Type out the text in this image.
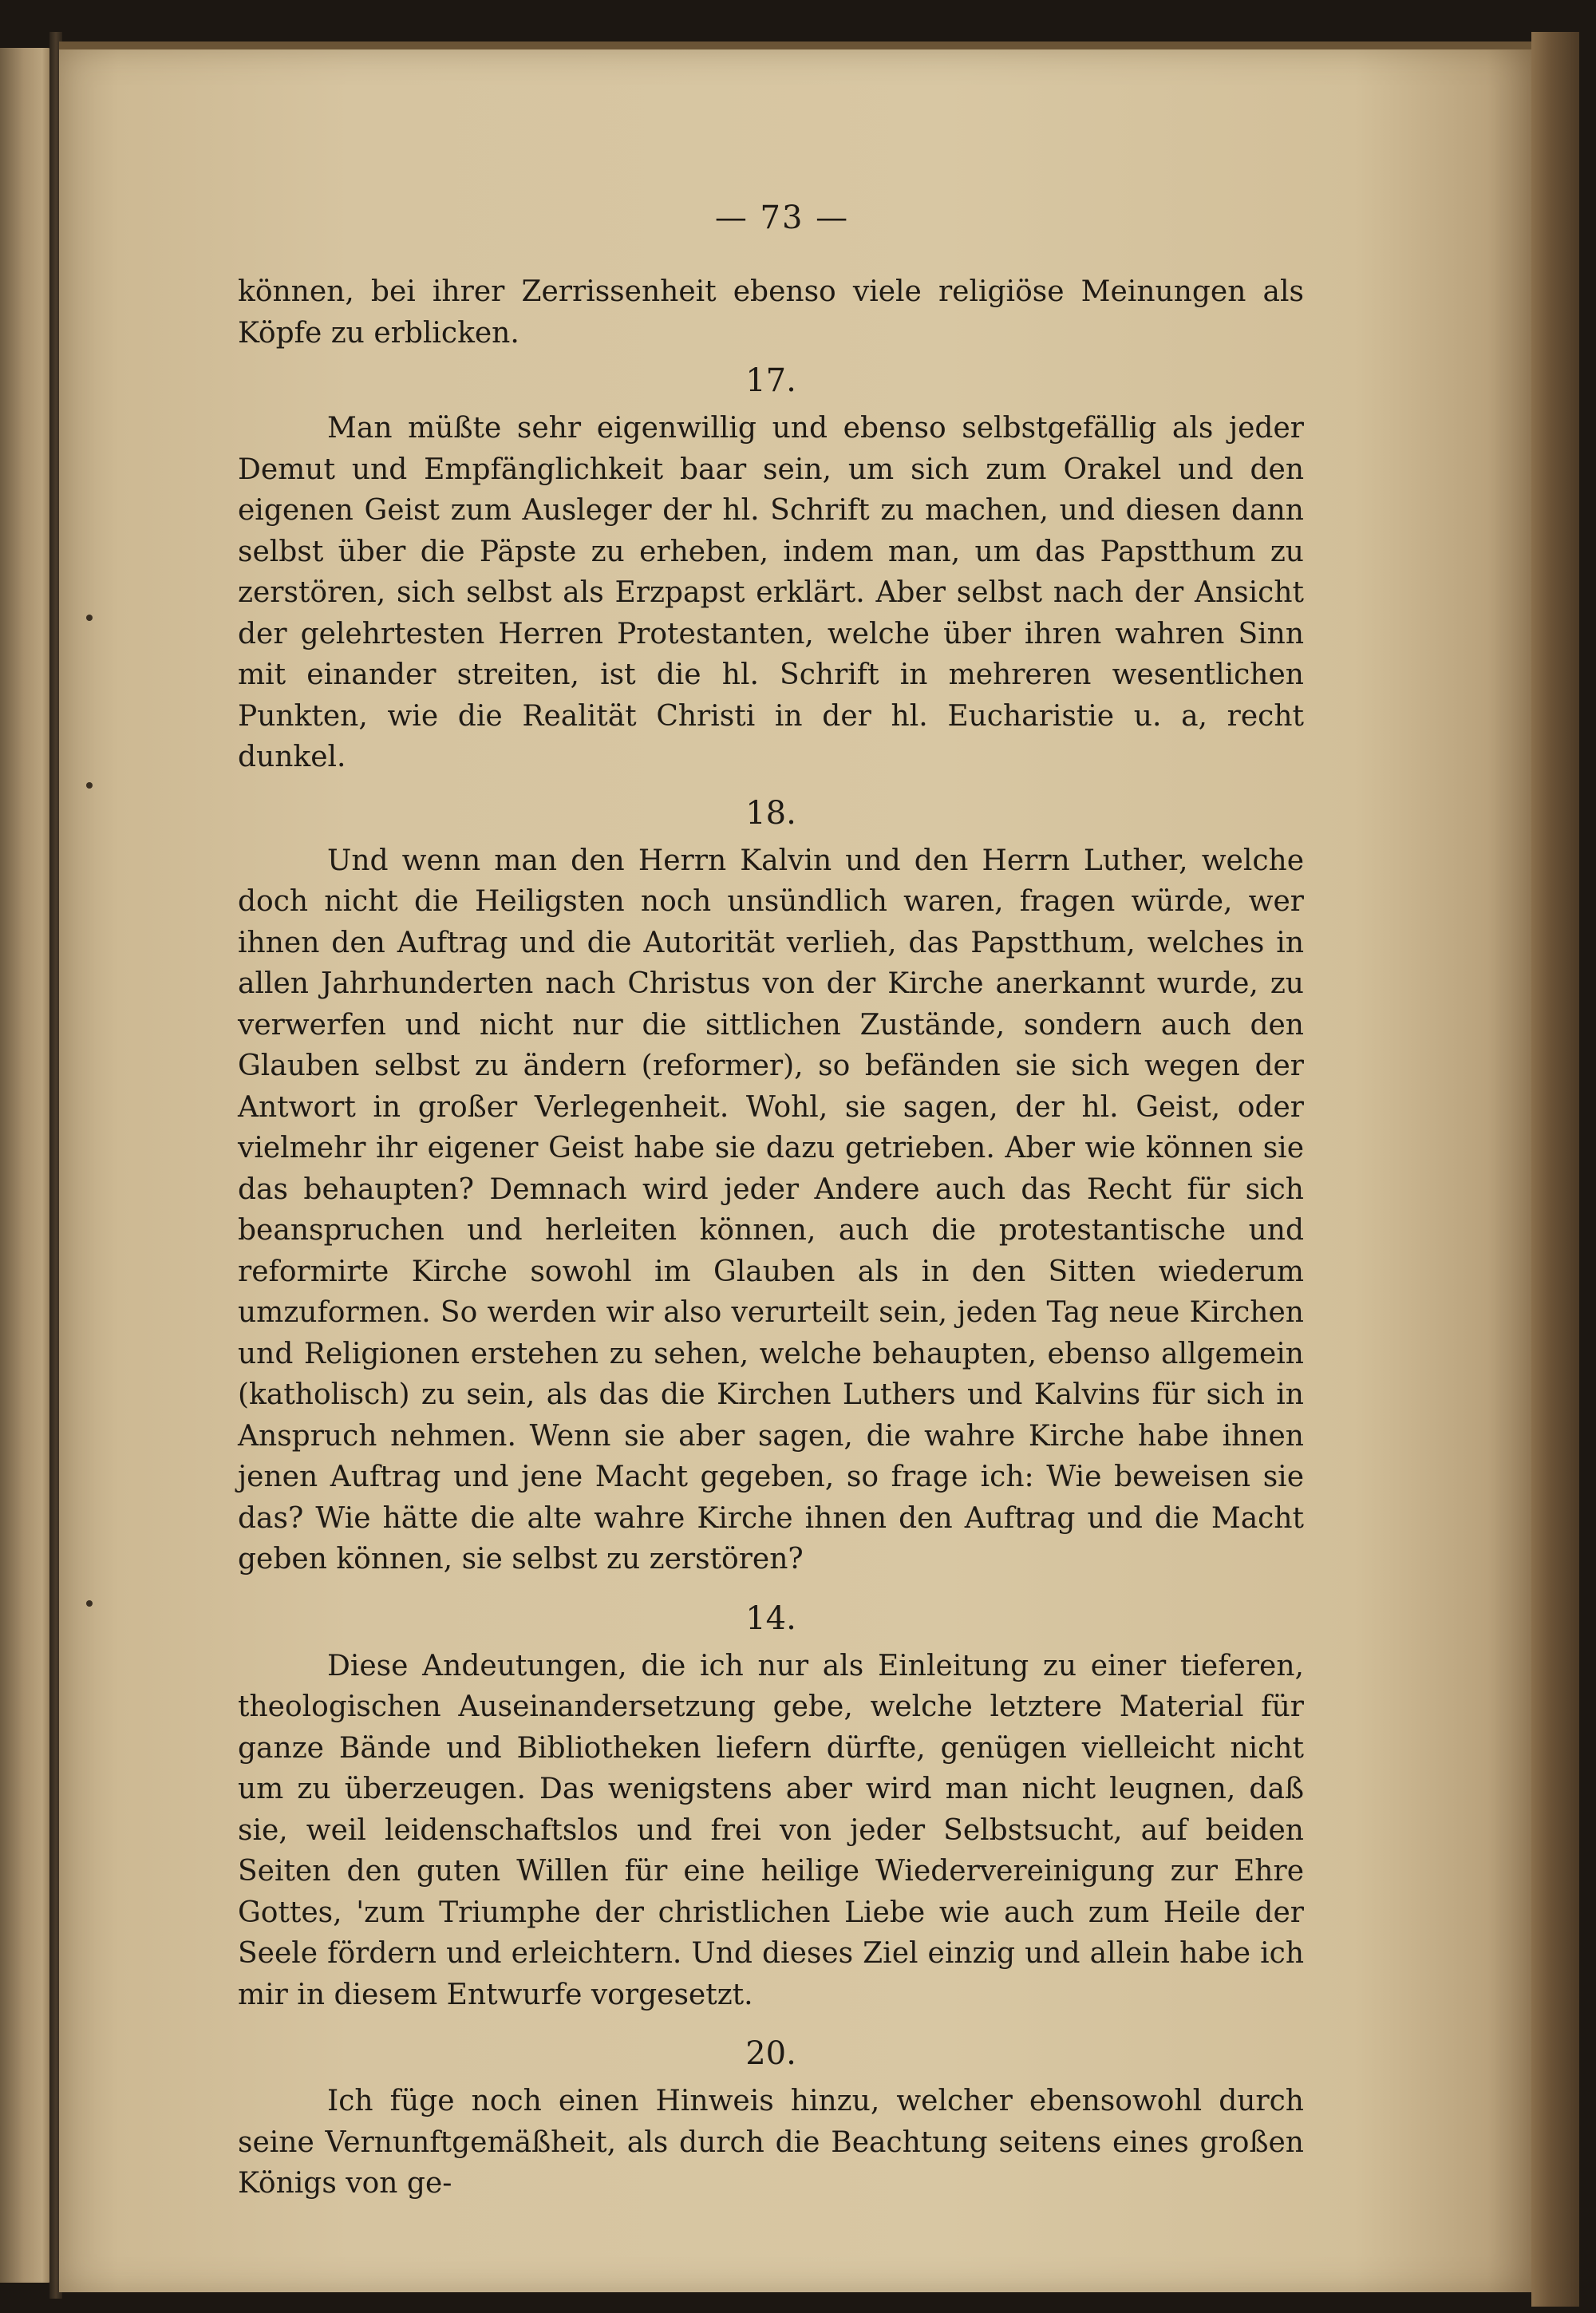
— 73 —

können, bei ihrer Zerrissenheit ebenso viele religiöse Meinungen als Köpfe zu erblicken.

17.

Man müßte sehr eigenwillig und ebenso selbstgefällig als jeder Demut und Empfänglichkeit baar sein, um sich zum Orakel und den eigenen Geist zum Ausleger der hl. Schrift zu machen, und diesen dann selbst über die Päpste zu erheben, indem man, um das Papstthum zu zerstören, sich selbst als Erzpapst erklärt. Aber selbst nach der Ansicht der gelehrtesten Herren Protestanten, welche über ihren wahren Sinn mit einander streiten, ist die hl. Schrift in mehreren wesentlichen Punkten, wie die Realität Christi in der hl. Eucharistie u. a, recht dunkel.

18.

Und wenn man den Herrn Kalvin und den Herrn Luther, welche doch nicht die Heiligsten noch unsündlich waren, fragen würde, wer ihnen den Auftrag und die Autorität verlieh, das Papstthum, welches in allen Jahrhunderten nach Christus von der Kirche anerkannt wurde, zu verwerfen und nicht nur die sittlichen Zustände, sondern auch den Glauben selbst zu ändern (reformer), so befänden sie sich wegen der Antwort in großer Verlegenheit. Wohl, sie sagen, der hl. Geist, oder vielmehr ihr eigener Geist habe sie dazu getrieben. Aber wie können sie das behaupten? Demnach wird jeder Andere auch das Recht für sich beanspruchen und herleiten können, auch die protestantische und reformirte Kirche sowohl im Glauben als in den Sitten wiederum umzuformen. So werden wir also verurteilt sein, jeden Tag neue Kirchen und Religionen erstehen zu sehen, welche behaupten, ebenso allgemein (katholisch) zu sein, als das die Kirchen Luthers und Kalvins für sich in Anspruch nehmen. Wenn sie aber sagen, die wahre Kirche habe ihnen jenen Auftrag und jene Macht gegeben, so frage ich: Wie beweisen sie das? Wie hätte die alte wahre Kirche ihnen den Auftrag und die Macht geben können, sie selbst zu zerstören?

14.

Diese Andeutungen, die ich nur als Einleitung zu einer tieferen, theologischen Auseinandersetzung gebe, welche letztere Material für ganze Bände und Bibliotheken liefern dürfte, genügen vielleicht nicht um zu überzeugen. Das wenigstens aber wird man nicht leugnen, daß sie, weil leidenschaftslos und frei von jeder Selbstsucht, auf beiden Seiten den guten Willen für eine heilige Wiedervereinigung zur Ehre Gottes, 'zum Triumphe der christlichen Liebe wie auch zum Heile der Seele fördern und erleichtern. Und dieses Ziel einzig und allein habe ich mir in diesem Entwurfe vorgesetzt.

20.

Ich füge noch einen Hinweis hinzu, welcher ebensowohl durch seine Vernunftgemäßheit, als durch die Beachtung seitens eines großen Königs von ge-
